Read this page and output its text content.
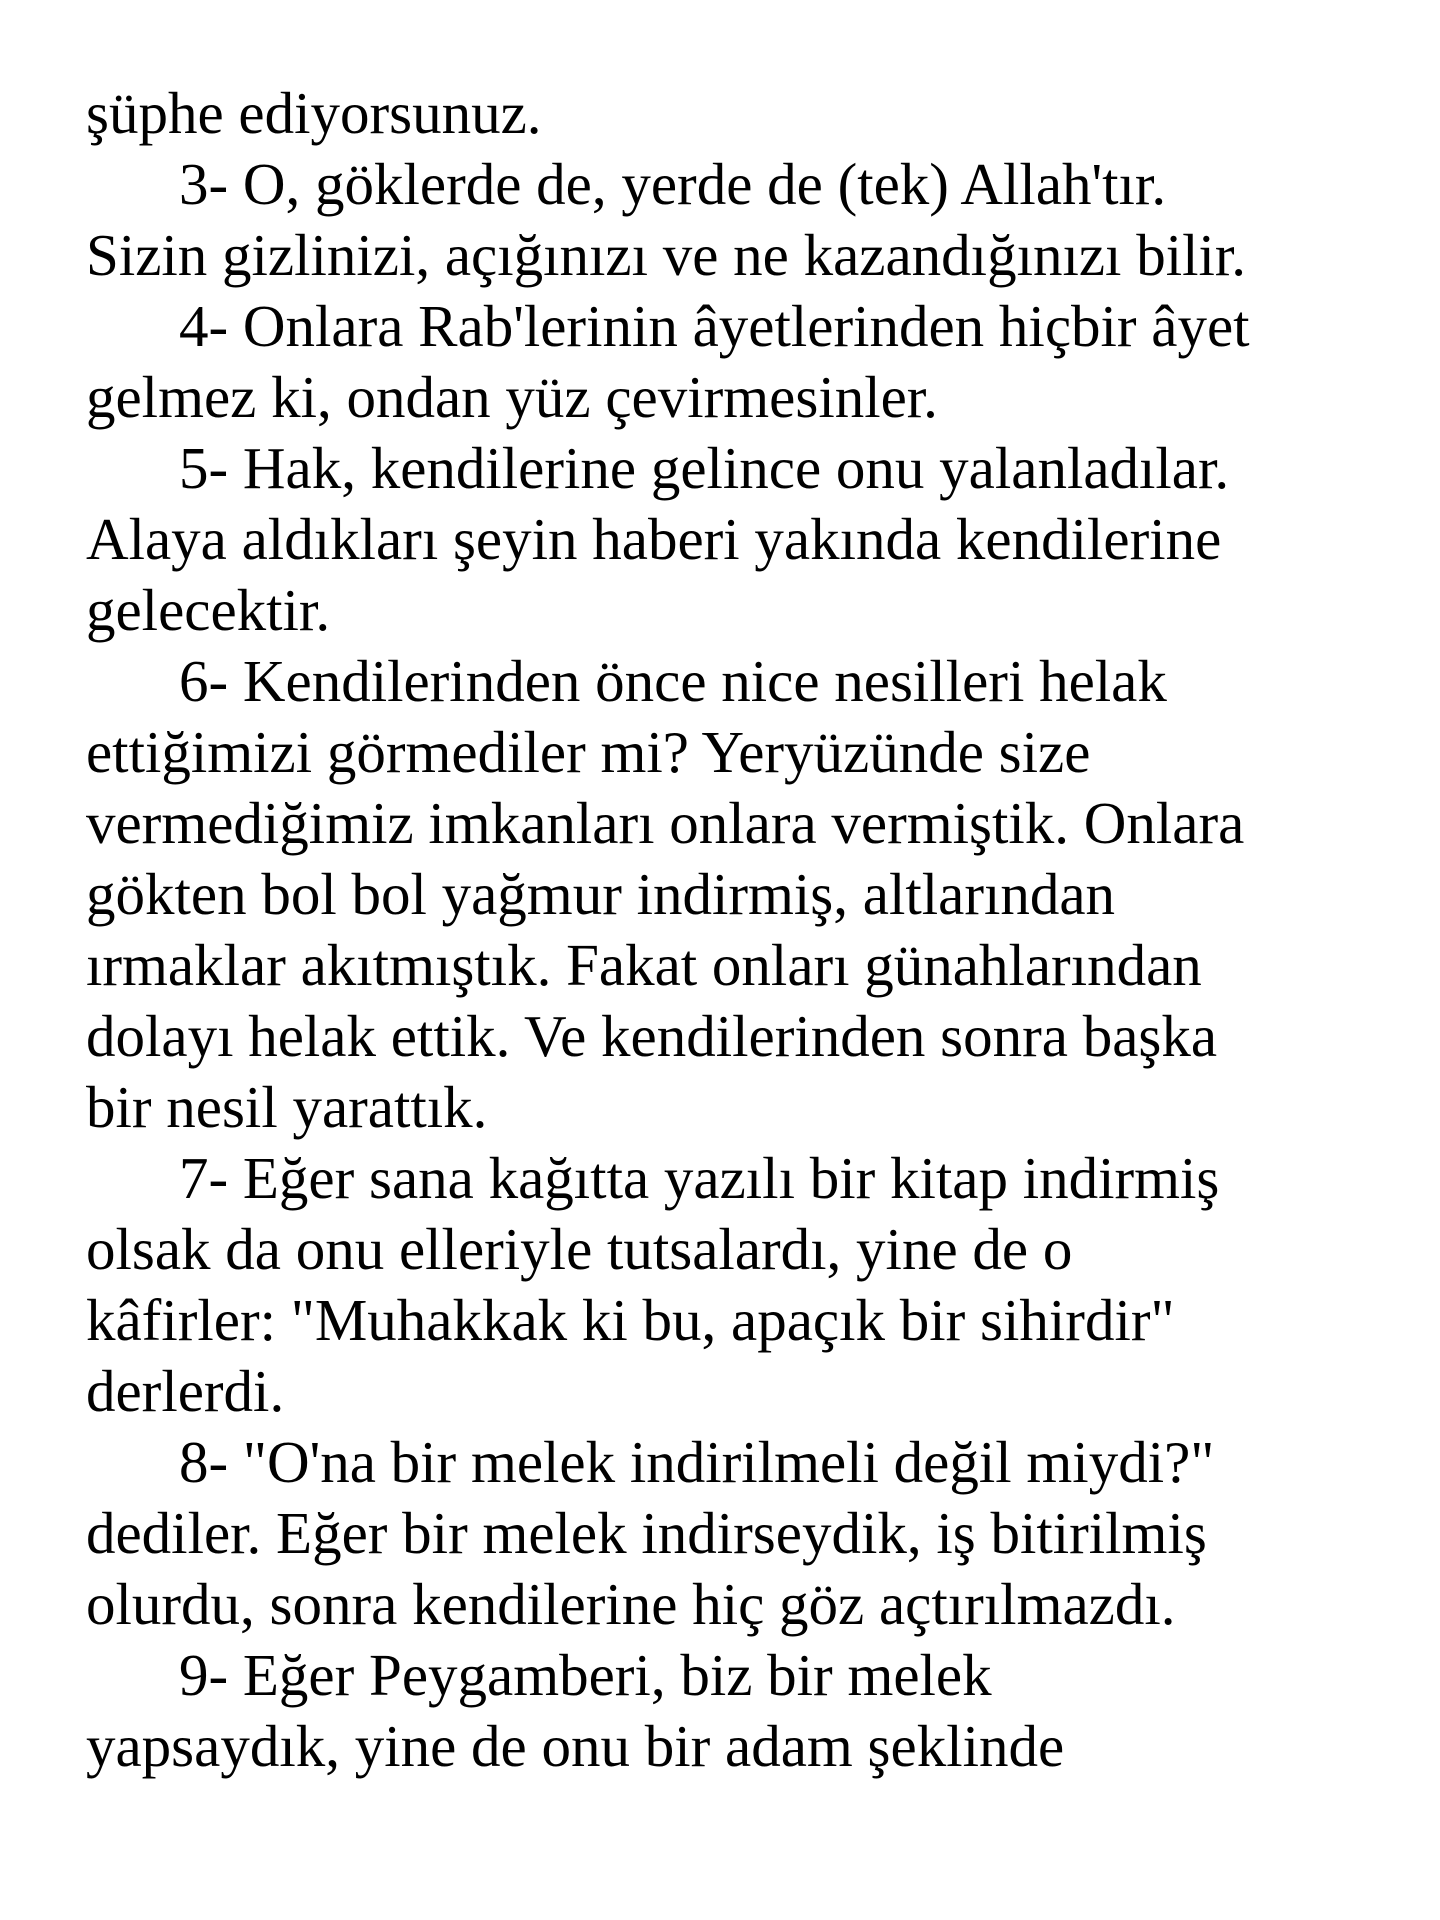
şüphe ediyorsunuz.
3- O, göklerde de, yerde de (tek) Allah'tır.
Sizin gizlinizi, açığınızı ve ne kazandığınızı bilir.
4- Onlara Rab'lerinin âyetlerinden hiçbir âyet
gelmez ki, ondan yüz çevirmesinler.
5- Hak, kendilerine gelince onu yalanladılar.
Alaya aldıkları şeyin haberi yakında kendilerine
gelecektir.
6- Kendilerinden önce nice nesilleri helak
ettiğimizi görmediler mi? Yeryüzünde size
vermediğimiz imkanları onlara vermiştik. Onlara
gökten bol bol yağmur indirmiş, altlarından
ırmaklar akıtmıştık. Fakat onları günahlarından
dolayı helak ettik. Ve kendilerinden sonra başka
bir nesil yarattık.
7- Eğer sana kağıtta yazılı bir kitap indirmiş
olsak da onu elleriyle tutsalardı, yine de o
kâfirler: "Muhakkak ki bu, apaçık bir sihirdir"
derlerdi.
8- "O'na bir melek indirilmeli değil miydi?"
dediler. Eğer bir melek indirseydik, iş bitirilmiş
olurdu, sonra kendilerine hiç göz açtırılmazdı.
9- Eğer Peygamberi, biz bir melek
yapsaydık, yine de onu bir adam şeklinde
